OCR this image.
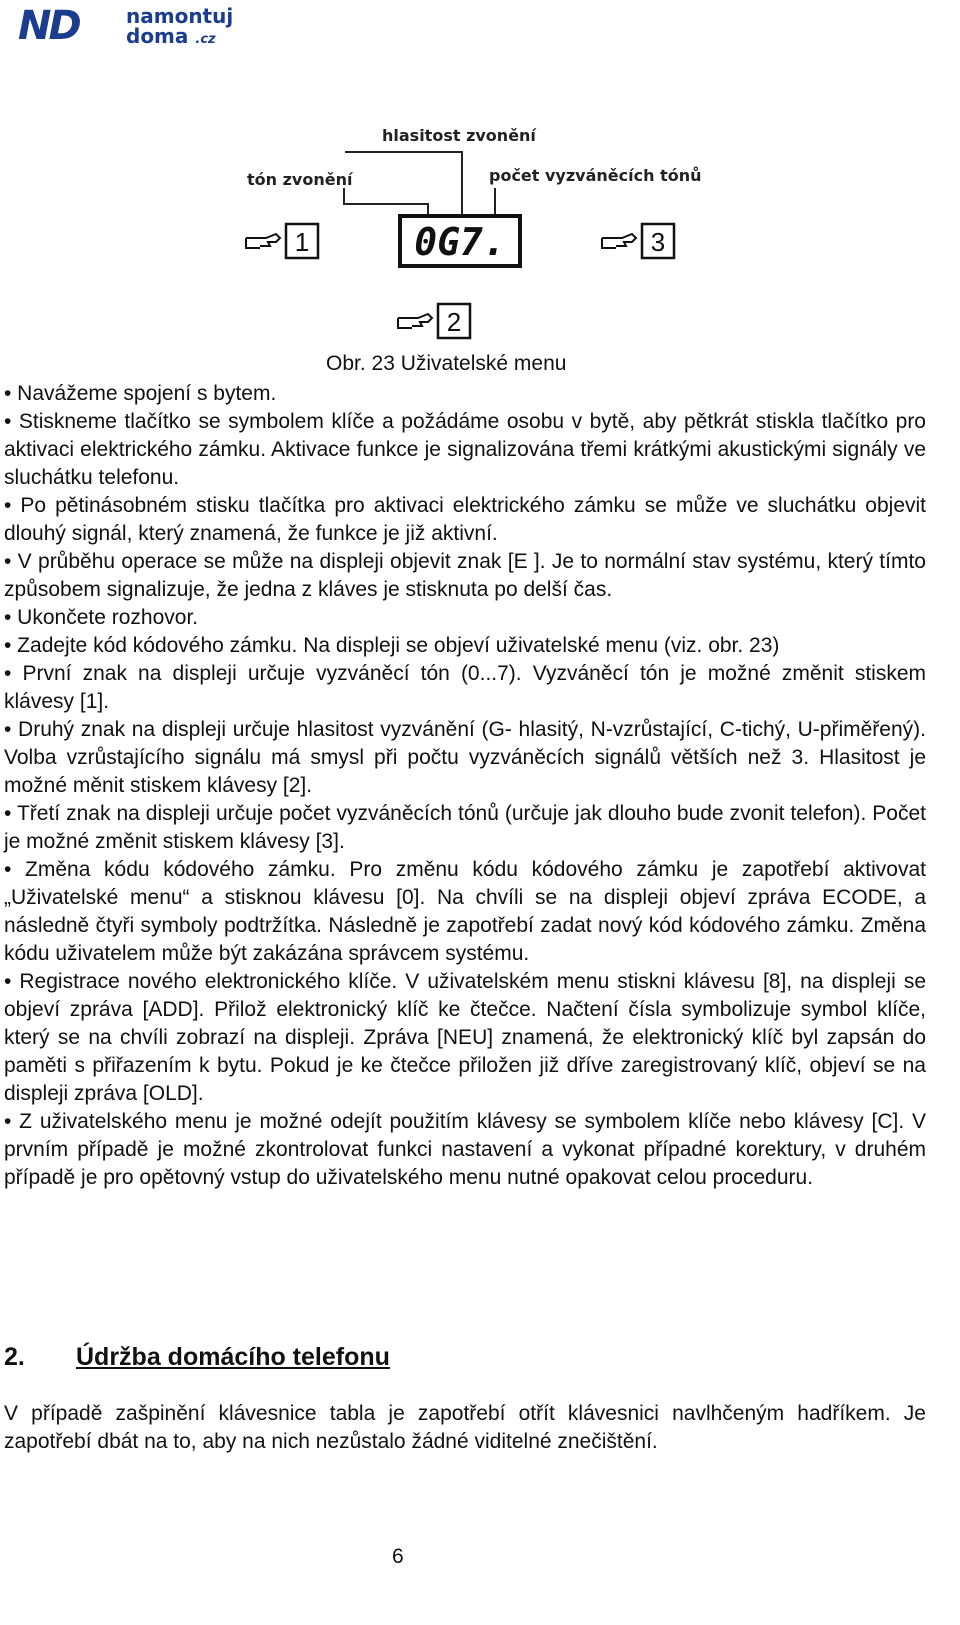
ND namontuj
doma .cz
hlasitost zvonění
tón zvonění	počet vyzváněcích tónů
0G7.
1	3
2
Obr. 23 Uživatelské menu

• Navážeme spojení s bytem.

• Stiskneme tlačítko se symbolem klíče a požádáme osobu v bytě, aby pětkrát stiskla tlačítko pro aktivaci elektrického zámku. Aktivace funkce je signalizována třemi krátkými akustickými signály ve sluchátku telefonu.

• Po pětinásobném stisku tlačítka pro aktivaci elektrického zámku se může ve sluchátku objevit dlouhý signál, který znamená, že funkce je již aktivní.

• V průběhu operace se může na displeji objevit znak [E ]. Je to normální stav systému, který tímto způsobem signalizuje, že jedna z kláves je stisknuta po delší čas.

• Ukončete rozhovor.

• Zadejte kód kódového zámku. Na displeji se objeví uživatelské menu (viz. obr. 23)

• První znak na displeji určuje vyzváněcí tón (0...7). Vyzváněcí tón je možné změnit stiskem klávesy [1].

• Druhý znak na displeji určuje hlasitost vyzvánění (G- hlasitý, N-vzrůstající, C-tichý, U-přiměřený). Volba vzrůstajícího signálu má smysl při počtu vyzváněcích signálů větších než 3. Hlasitost je možné měnit stiskem klávesy [2].

• Třetí znak na displeji určuje počet vyzváněcích tónů (určuje jak dlouho bude zvonit telefon). Počet je možné změnit stiskem klávesy [3].

• Změna kódu kódového zámku. Pro změnu kódu kódového zámku je zapotřebí aktivovat „Uživatelské menu“ a stisknou klávesu [0]. Na chvíli se na displeji objeví zpráva ECODE, a následně čtyři symboly podtržítka. Následně je zapotřebí zadat nový kód kódového zámku. Změna kódu uživatelem může být zakázána správcem systému.

• Registrace nového elektronického klíče. V uživatelském menu stiskni klávesu [8], na displeji se objeví zpráva [ADD]. Přilož elektronický klíč ke čtečce. Načtení čísla symbolizuje symbol klíče, který se na chvíli zobrazí na displeji. Zpráva [NEU] znamená, že elektronický klíč byl zapsán do paměti s přiřazením k bytu. Pokud je ke čtečce přiložen již dříve zaregistrovaný klíč, objeví se na displeji zpráva [OLD].

• Z uživatelského menu je možné odejít použitím klávesy se symbolem klíče nebo klávesy [C]. V prvním případě je možné zkontrolovat funkci nastavení a vykonat případné korektury, v druhém případě je pro opětovný vstup do uživatelského menu nutné opakovat celou proceduru.

2. Údržba domácího telefonu
V případě zašpinění klávesnice tabla je zapotřebí otřít klávesnici navlhčeným hadříkem. Je zapotřebí dbát na to, aby na nich nezůstalo žádné viditelné znečištění.
6
